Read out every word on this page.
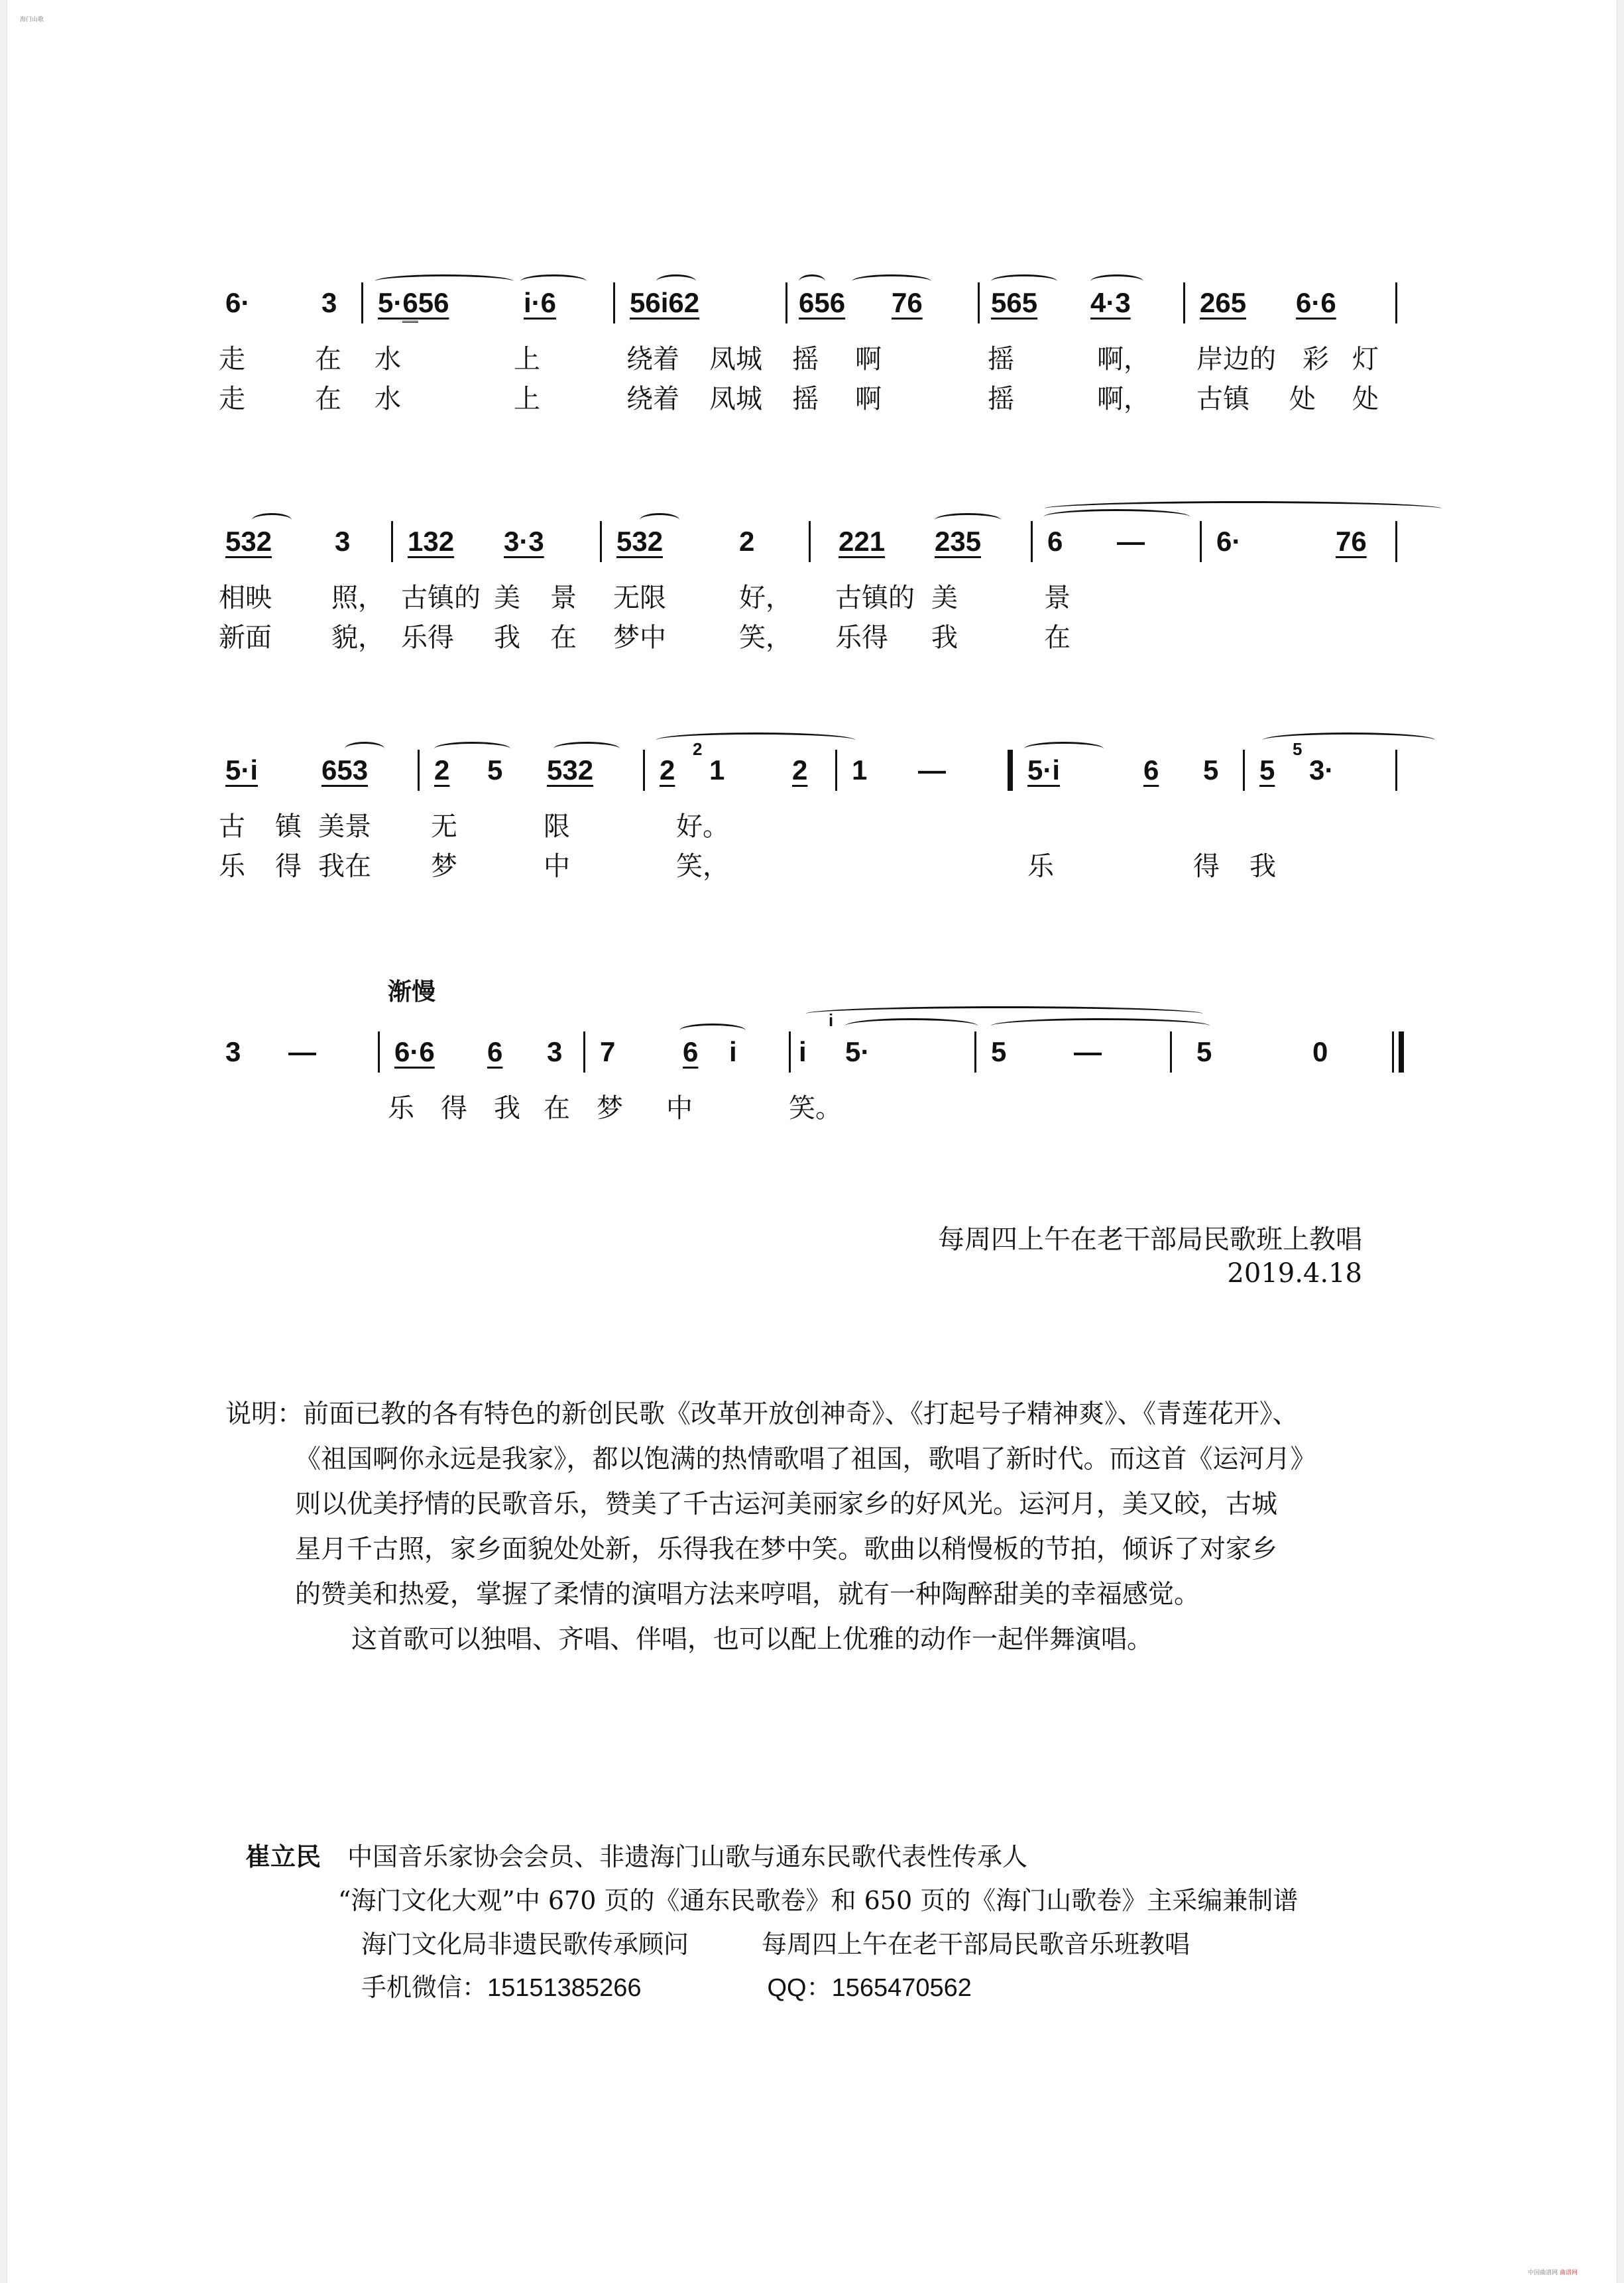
海门山歌
中国曲谱网 曲谱网
6·	3 5·656	i·6	56i62	656 76 565 4·3 265 6·6
走	在 水	上	绕着 凤城 摇 啊	摇	啊， 岸边的 彩 灯
走	在 水	上	绕着 凤城 摇 啊	摇	啊， 古镇 处 处
532 3 132 3·3	532	2	221 235 6 —	6·	76
相映 照， 古镇的 美 景 无限	好， 古镇的 美	景
新面 貌， 乐得 我 在 梦中	笑， 乐得 我	在
5·i 653 2 5 532 2
2
1 2 1 —	5·i	6 5 5
5
3·
古 镇 美景 无	限	好。
乐 得 我在 梦	中	笑，	乐	得 我
渐慢
3 —	6·6 6 3 7 6 i i
i
5·	5 —	5	0
乐 得 我 在 梦 中	笑。
每周四上午在老干部局民歌班上教唱
2019.4.18

说明：前面已教的各有特色的新创民歌《改革开放创神奇》、《打起号子精神爽》、《青莲花开》、

《祖国啊你永远是我家》，都以饱满的热情歌唱了祖国，歌唱了新时代。而这首《运河月》

则以优美抒情的民歌音乐，赞美了千古运河美丽家乡的好风光。运河月，美又皎，古城

星月千古照，家乡面貌处处新，乐得我在梦中笑。歌曲以稍慢板的节拍，倾诉了对家乡

的赞美和热爱，掌握了柔情的演唱方法来哼唱，就有一种陶醉甜美的幸福感觉。

这首歌可以独唱、齐唱、伴唱，也可以配上优雅的动作一起伴舞演唱。

崔立民 中国音乐家协会会员、非遗海门山歌与通东民歌代表性传承人
“海门文化大观”中 670 页的《通东民歌卷》和 650 页的《海门山歌卷》主采编兼制谱
海门文化局非遗民歌传承顾问	每周四上午在老干部局民歌音乐班教唱
手机微信：15151385266	QQ：1565470562
